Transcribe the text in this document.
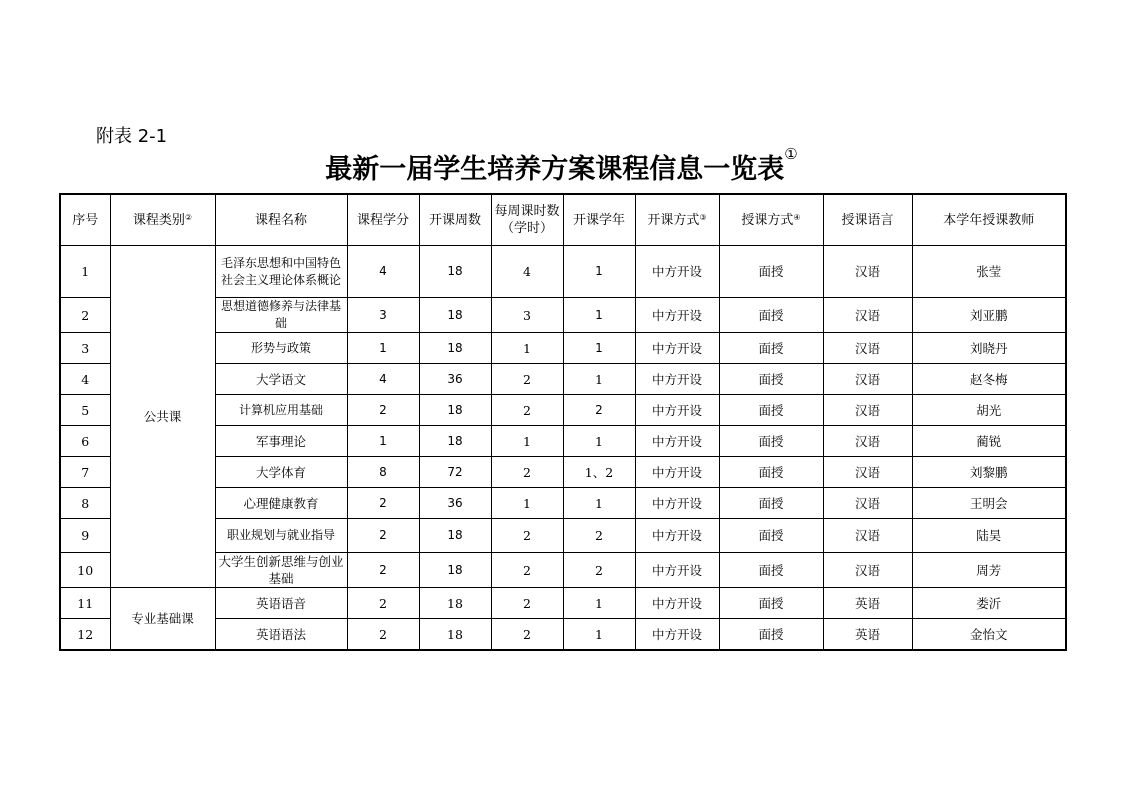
附表 2-1
最新一届学生培养方案课程信息一览表①
序号	课程类别②	课程名称	课程学分	开课周数	每周课时数（学时）	开课学年	开课方式③	授课方式④	授课语言	本学年授课教师
1	公共课	毛泽东思想和中国特色社会主义理论体系概论	4	18	4	1	中方开设	面授	汉语	张莹
2		思想道德修养与法律基础	3	18	3	1	中方开设	面授	汉语	刘亚鹏
3		形势与政策	1	18	1	1	中方开设	面授	汉语	刘晓丹
4		大学语文	4	36	2	1	中方开设	面授	汉语	赵冬梅
5		计算机应用基础	2	18	2	2	中方开设	面授	汉语	胡光
6		军事理论	1	18	1	1	中方开设	面授	汉语	蔺锐
7		大学体育	8	72	2	1、2	中方开设	面授	汉语	刘黎鹏
8		心理健康教育	2	36	1	1	中方开设	面授	汉语	王明会
9		职业规划与就业指导	2	18	2	2	中方开设	面授	汉语	陆昊
10		大学生创新思维与创业基础	2	18	2	2	中方开设	面授	汉语	周芳
11	专业基础课	英语语音	2	18	2	1	中方开设	面授	英语	娄沂
12		英语语法	2	18	2	1	中方开设	面授	英语	金怡文
